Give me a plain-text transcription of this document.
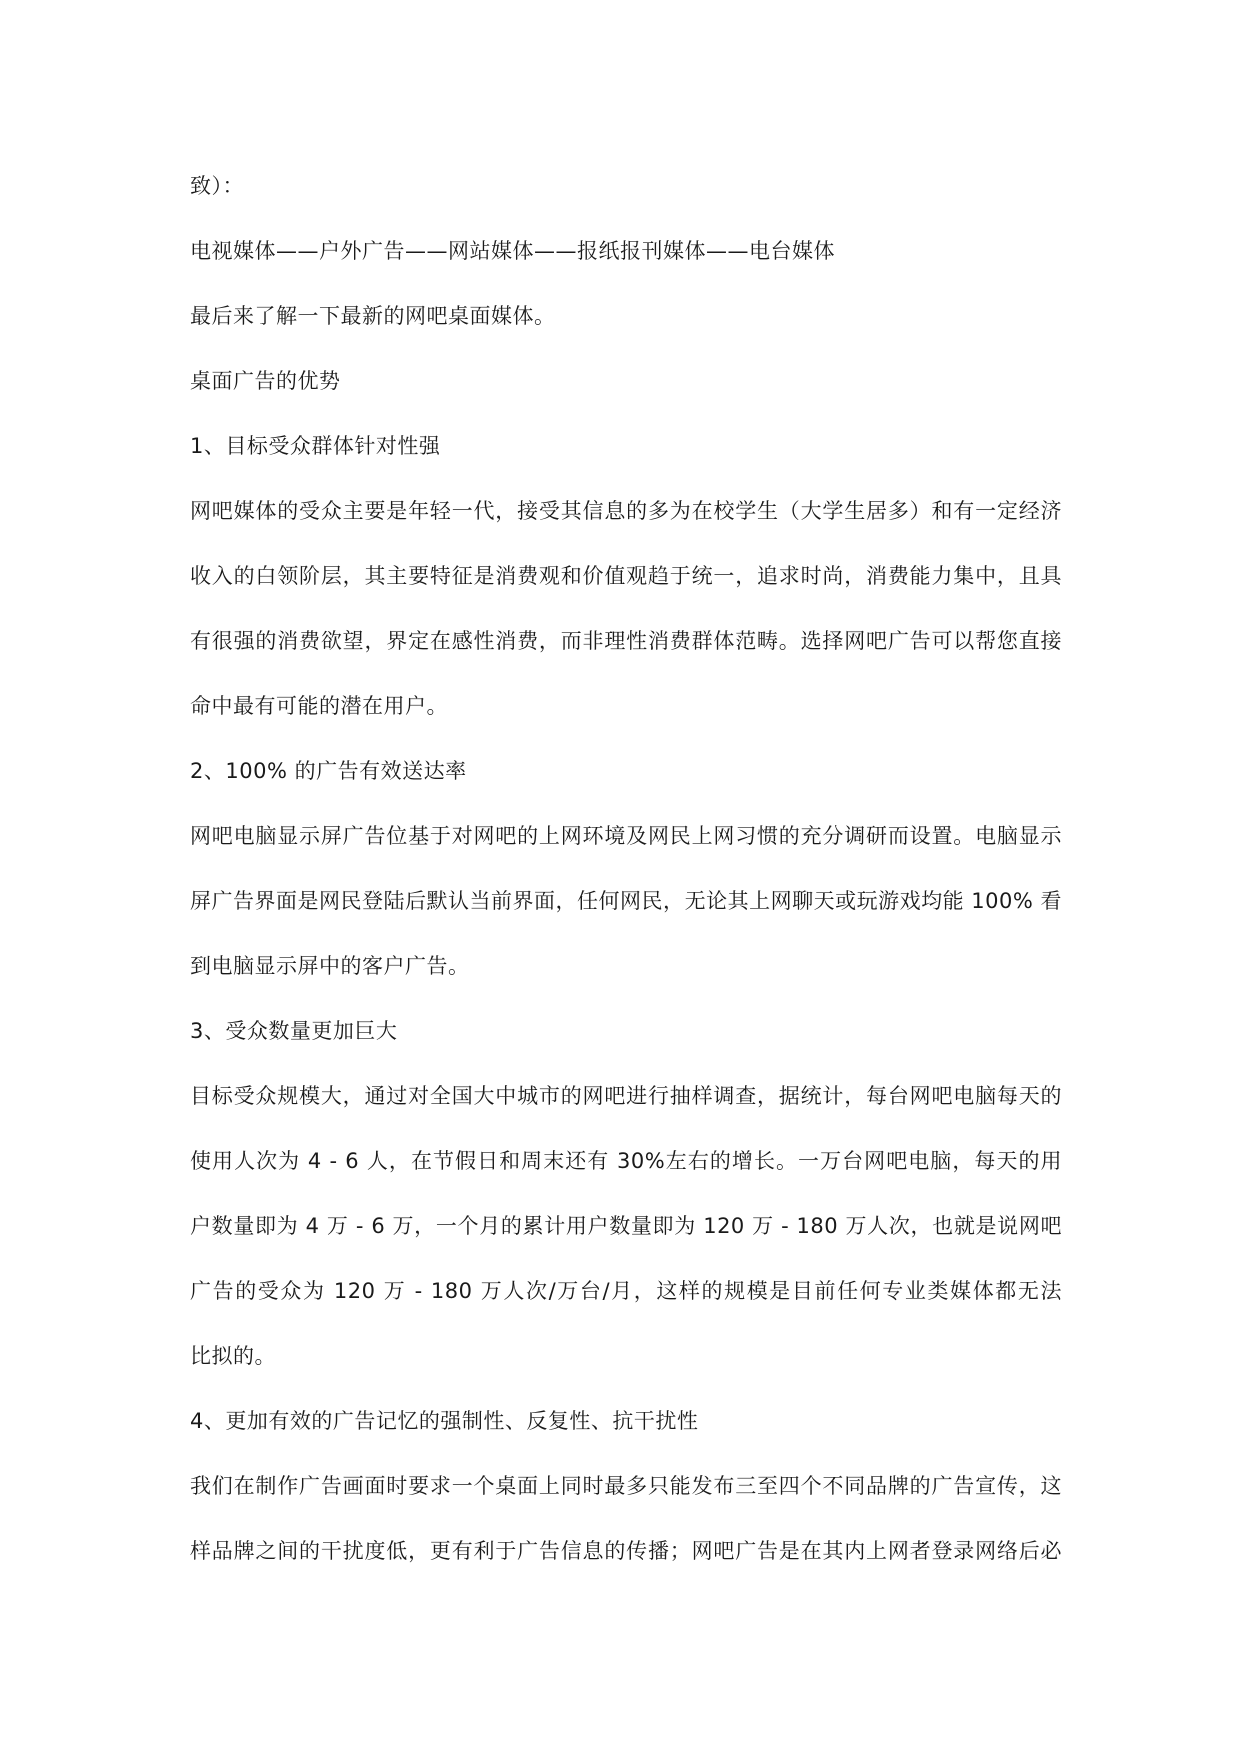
致）：
电视媒体——户外广告——网站媒体——报纸报刊媒体——电台媒体
最后来了解一下最新的网吧桌面媒体。
桌面广告的优势
1、目标受众群体针对性强
网吧媒体的受众主要是年轻一代，接受其信息的多为在校学生（大学生居多）和有一定经济
收入的白领阶层，其主要特征是消费观和价值观趋于统一，追求时尚，消费能力集中，且具
有很强的消费欲望，界定在感性消费，而非理性消费群体范畴。选择网吧广告可以帮您直接
命中最有可能的潜在用户。
2、100% 的广告有效送达率
网吧电脑显示屏广告位基于对网吧的上网环境及网民上网习惯的充分调研而设置。电脑显示
屏广告界面是网民登陆后默认当前界面，任何网民，无论其上网聊天或玩游戏均能 100% 看
到电脑显示屏中的客户广告。
3、受众数量更加巨大
目标受众规模大，通过对全国大中城市的网吧进行抽样调查，据统计，每台网吧电脑每天的
使用人次为 4 - 6 人，在节假日和周末还有 30%左右的增长。一万台网吧电脑，每天的用
户数量即为 4 万 - 6 万，一个月的累计用户数量即为 120 万 - 180 万人次，也就是说网吧
广告的受众为 120 万 - 180 万人次/万台/月，这样的规模是目前任何专业类媒体都无法
比拟的。
4、更加有效的广告记忆的强制性、反复性、抗干扰性
我们在制作广告画面时要求一个桌面上同时最多只能发布三至四个不同品牌的广告宣传，这
样品牌之间的干扰度低，更有利于广告信息的传播；网吧广告是在其内上网者登录网络后必
